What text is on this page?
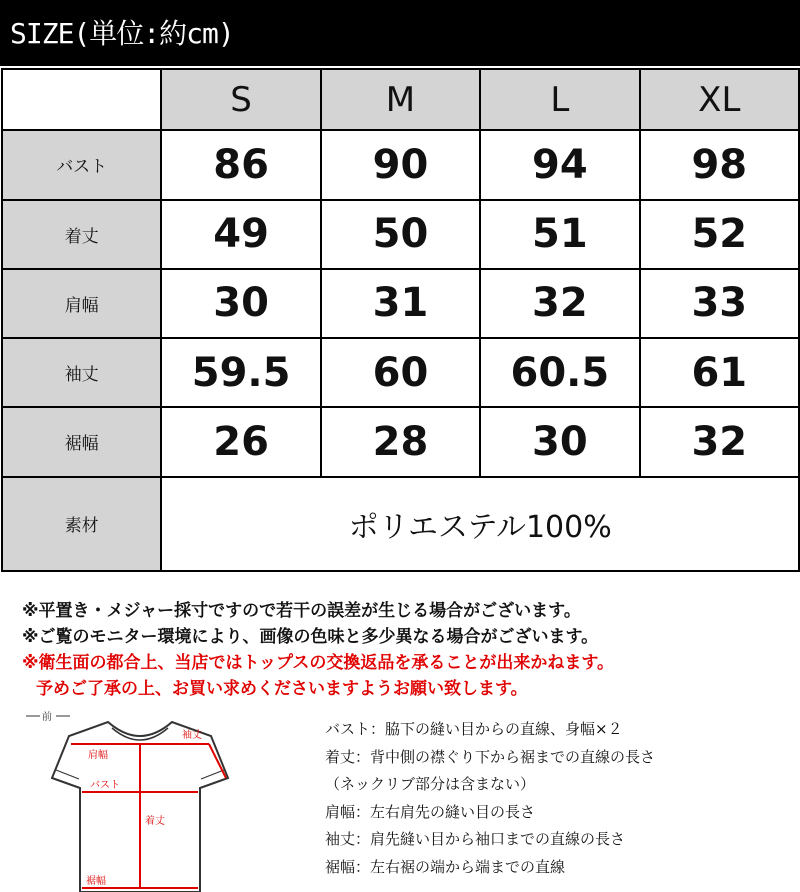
SIZE(単位:約cm)
	S	M	L	XL
バスト	86	90	94	98
着丈	49	50	51	52
肩幅	30	31	32	33
袖丈	59.5	60	60.5	61
裾幅	26	28	30	32
素材	ポリエステル100%			
※平置き・メジャー採寸ですので若干の誤差が生じる場合がございます。
※ご覧のモニター環境により、画像の色味と多少異なる場合がございます。
※衛生面の都合上、当店ではトップスの交換返品を承ることが出来かねます。
予めご了承の上、お買い求めくださいますようお願い致します。
前
肩幅
袖丈
バスト
着丈
裾幅
バスト：脇下の縫い目からの直線、身幅×２
着丈：背中側の襟ぐり下から裾までの直線の長さ
（ネックリブ部分は含まない）
肩幅：左右肩先の縫い目の長さ
袖丈：肩先縫い目から袖口までの直線の長さ
裾幅：左右裾の端から端までの直線
